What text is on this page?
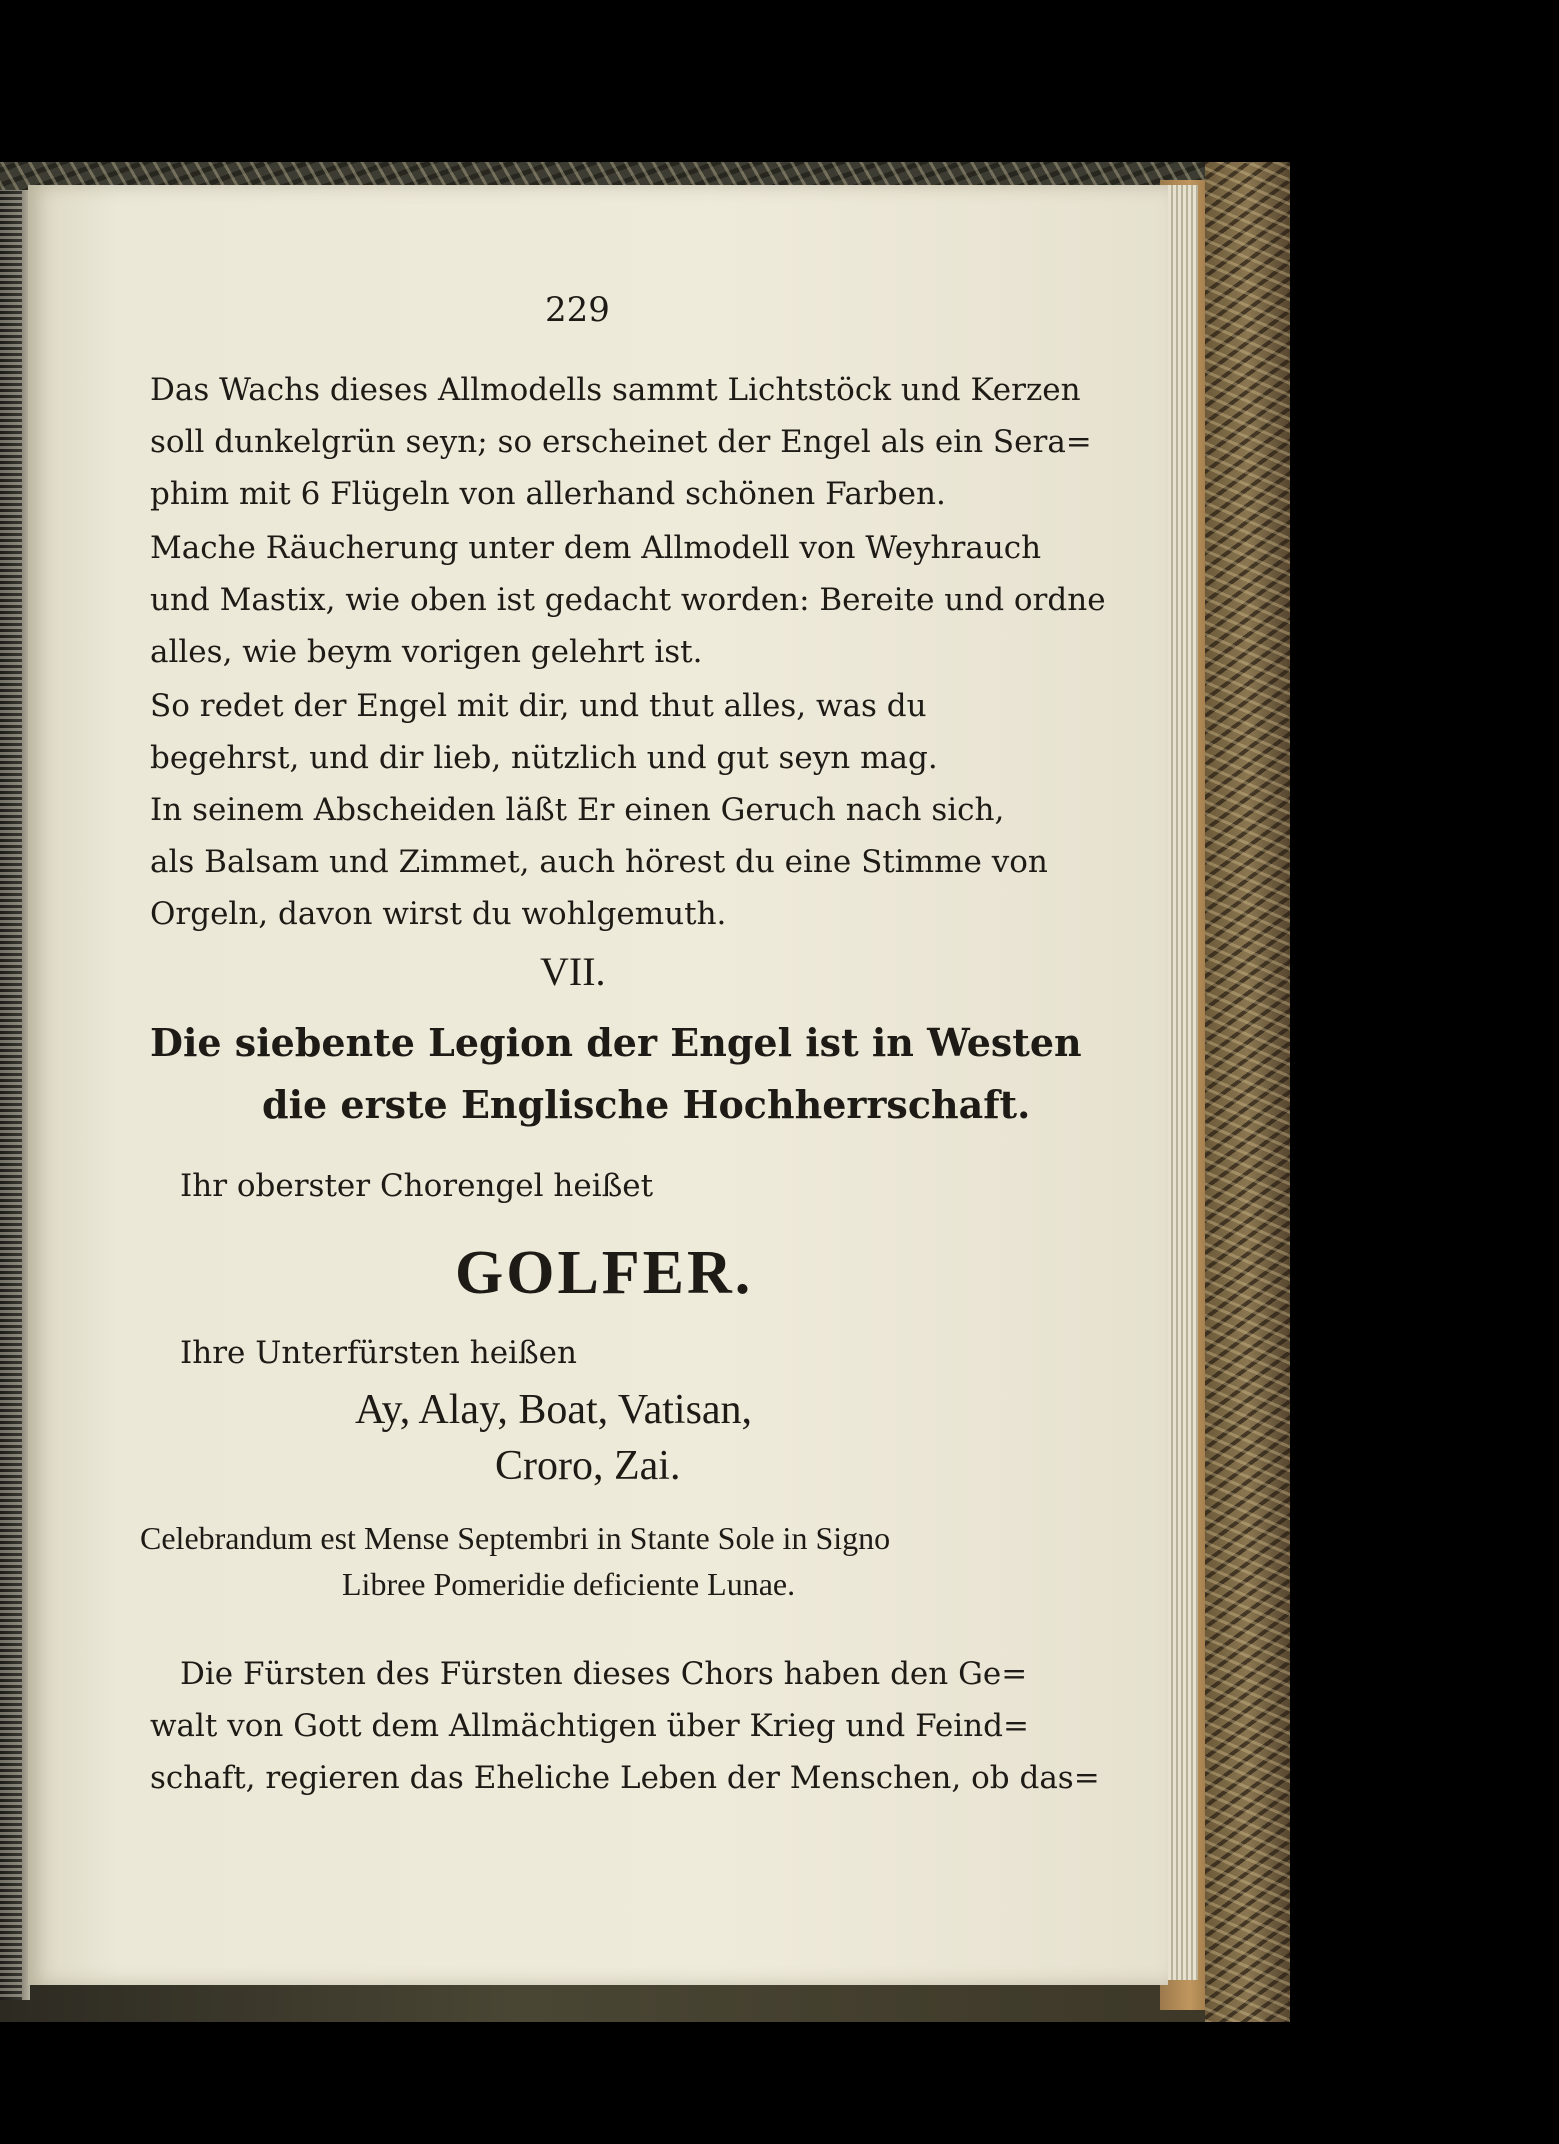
229

Das Wachs dieses Allmodells sammt Lichtstöck und Kerzen

soll dunkelgrün seyn; so erscheinet der Engel als ein Sera=

phim mit 6 Flügeln von allerhand schönen Farben.

Mache Räucherung unter dem Allmodell von Weyhrauch

und Mastix, wie oben ist gedacht worden: Bereite und ordne

alles, wie beym vorigen gelehrt ist.

So redet der Engel mit dir, und thut alles, was du

begehrst, und dir lieb, nützlich und gut seyn mag.

In seinem Abscheiden läßt Er einen Geruch nach sich,

als Balsam und Zimmet, auch hörest du eine Stimme von

Orgeln, davon wirst du wohlgemuth.

VII.

Die siebente Legion der Engel ist in Westen

die erste Englische Hochherrschaft.

Ihr oberster Chorengel heißet

GOLFER.

Ihre Unterfürsten heißen

Ay, Alay, Boat, Vatisan,

Croro, Zai.

Celebrandum est Mense Septembri in Stante Sole in Signo

Libree Pomeridie deficiente Lunae.

Die Fürsten des Fürsten dieses Chors haben den Ge=

walt von Gott dem Allmächtigen über Krieg und Feind=

schaft, regieren das Eheliche Leben der Menschen, ob das=
